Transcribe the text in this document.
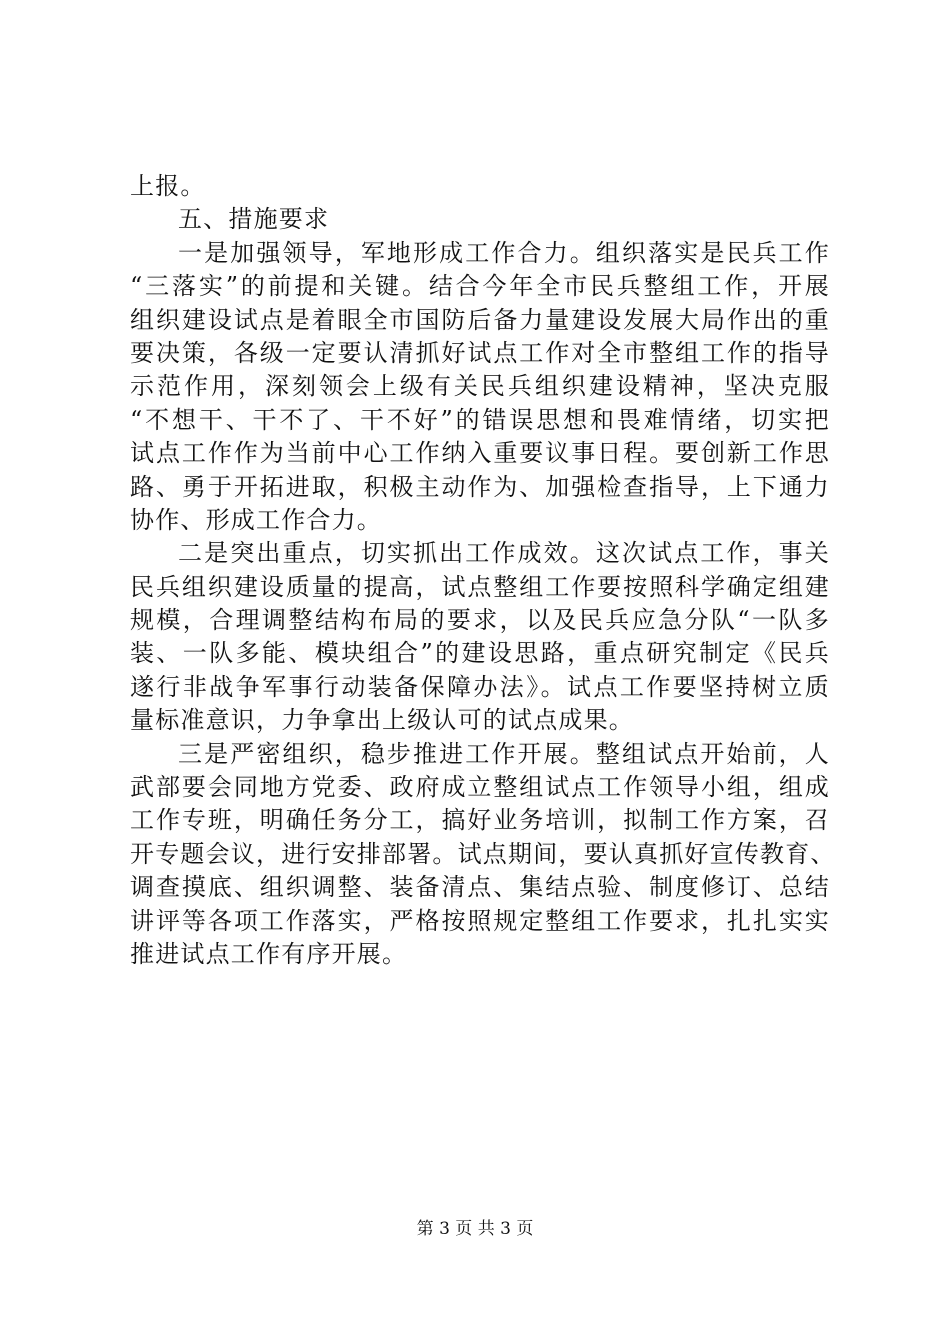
上报。
五、措施要求
一是加强领导，军地形成工作合力。组织落实是民兵工作
“三落实”的前提和关键。结合今年全市民兵整组工作，开展
组织建设试点是着眼全市国防后备力量建设发展大局作出的重
要决策，各级一定要认清抓好试点工作对全市整组工作的指导
示范作用，深刻领会上级有关民兵组织建设精神，坚决克服
“不想干、干不了、干不好”的错误思想和畏难情绪，切实把
试点工作作为当前中心工作纳入重要议事日程。要创新工作思
路、勇于开拓进取，积极主动作为、加强检查指导，上下通力
协作、形成工作合力。
二是突出重点，切实抓出工作成效。这次试点工作，事关
民兵组织建设质量的提高，试点整组工作要按照科学确定组建
规模，合理调整结构布局的要求，以及民兵应急分队“一队多
装、一队多能、模块组合”的建设思路，重点研究制定《民兵
遂行非战争军事行动装备保障办法》。试点工作要坚持树立质
量标准意识，力争拿出上级认可的试点成果。
三是严密组织，稳步推进工作开展。整组试点开始前，人
武部要会同地方党委、政府成立整组试点工作领导小组，组成
工作专班，明确任务分工，搞好业务培训，拟制工作方案，召
开专题会议，进行安排部署。试点期间，要认真抓好宣传教育、
调查摸底、组织调整、装备清点、集结点验、制度修订、总结
讲评等各项工作落实，严格按照规定整组工作要求，扎扎实实
推进试点工作有序开展。
第 3 页 共 3 页
